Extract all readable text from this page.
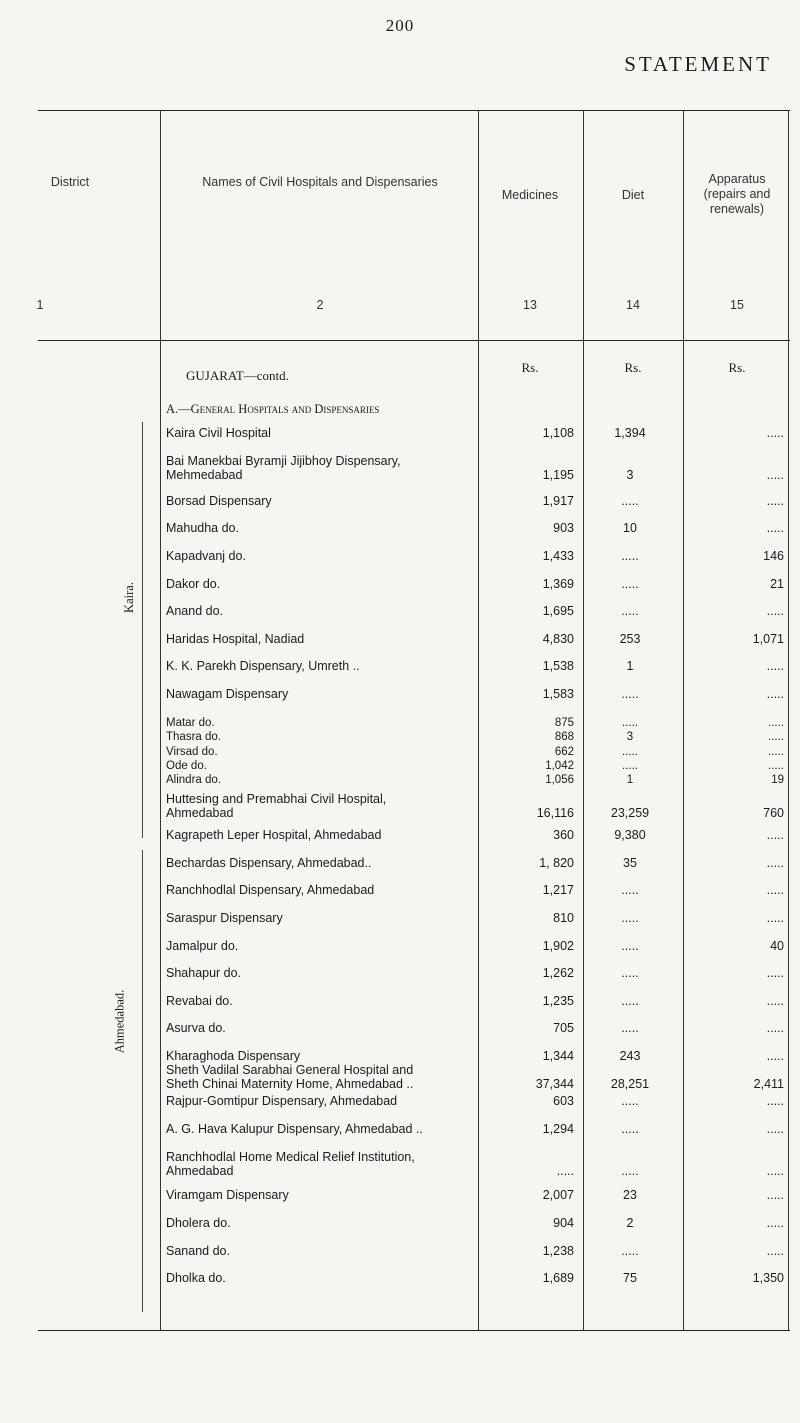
200
STATEMENT
District	Names of Civil Hospitals and Dispensaries
Medicines	Diet
Apparatus (repairs and renewals)
1	2	13	14	15
Rs.	Rs.	Rs.
GUJARAT—contd.
A.—General Hospitals and Dispensaries
Kaira.
Ahmedabad.
Kaira Civil Hospital	1,108	1,394	.....
Bai Manekbai Byramji Jijibhoy Dispensary,
Mehmedabad	1,195	3	.....
Borsad Dispensary	1,917	.....	.....
Mahudha do.	903	10	.....
Kapadvanj do.	1,433	.....	146
Dakor do.	1,369	.....	21
Anand do.	1,695	.....	.....
Haridas Hospital, Nadiad	4,830	253	1,071
K. K. Parekh Dispensary, Umreth ..	1,538	1	.....
Nawagam Dispensary	1,583	.....	.....
Matar do.	875	.....	.....
Thasra do.	868	3	.....
Virsad do.	662	.....	.....
Ode do.	1,042	.....	.....
Alindra do.	1,056	1	19
Huttesing and Premabhai Civil Hospital,
Ahmedabad	16,116	23,259	760
Kagrapeth Leper Hospital, Ahmedabad	360	9,380	.....
Bechardas Dispensary, Ahmedabad..	1, 820	35	.....
Ranchhodlal Dispensary, Ahmedabad	1,217	.....	.....
Saraspur Dispensary	810	.....	.....
Jamalpur do.	1,902	.....	40
Shahapur do.	1,262	.....	.....
Revabai do.	1,235	.....	.....
Asurva do.	705	.....	.....
Kharaghoda Dispensary	1,344	243	.....
Sheth Vadilal Sarabhai General Hospital and
Sheth Chinai Maternity Home, Ahmedabad ..	37,344	28,251	2,411
Rajpur-Gomtipur Dispensary, Ahmedabad	603	.....	.....
A. G. Hava Kalupur Dispensary, Ahmedabad ..	1,294	.....	.....
Ranchhodlal Home Medical Relief Institution,
Ahmedabad	.....	.....	.....
Viramgam Dispensary	2,007	23	.....
Dholera do.	904	2	.....
Sanand do.	1,238	.....	.....
Dholka do.	1,689	75	1,350
